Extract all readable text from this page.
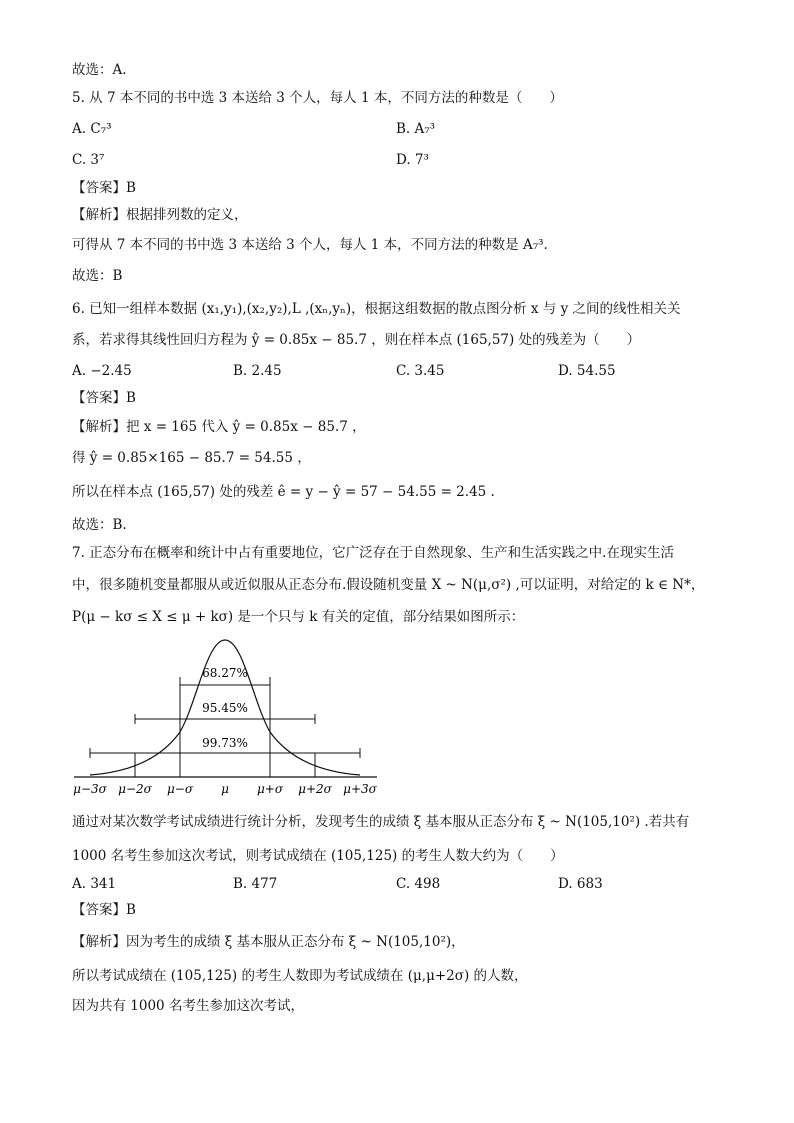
故选：A.
5. 从 7 本不同的书中选 3 本送给 3 个人，每人 1 本，不同方法的种数是（　　）
A. C₇³	B. A₇³
C. 3⁷	D. 7³
【答案】B
【解析】根据排列数的定义，
可得从 7 本不同的书中选 3 本送给 3 个人，每人 1 本，不同方法的种数是 A₇³.
故选：B
6. 已知一组样本数据 (x₁,y₁),(x₂,y₂),L ,(xₙ,yₙ)，根据这组数据的散点图分析 x 与 y 之间的线性相关关
系，若求得其线性回归方程为 ŷ = 0.85x − 85.7 ，则在样本点 (165,57) 处的残差为（　　）
A. −2.45	B. 2.45	C. 3.45	D. 54.55
【答案】B
【解析】把 x = 165 代入 ŷ = 0.85x − 85.7 ，
得 ŷ = 0.85×165 − 85.7 = 54.55 ，
所以在样本点 (165,57) 处的残差 ê = y − ŷ = 57 − 54.55 = 2.45 .
故选：B.
7. 正态分布在概率和统计中占有重要地位，它广泛存在于自然现象、生产和生活实践之中.在现实生活
中，很多随机变量都服从或近似服从正态分布.假设随机变量 X ~ N(μ,σ²) ,可以证明，对给定的 k ∈ N*，
P(μ − kσ ≤ X ≤ μ + kσ) 是一个只与 k 有关的定值，部分结果如图所示：
68.27%
95.45%
99.73%
μ−3σ μ−2σ μ−σ μ μ+σ μ+2σ μ+3σ
通过对某次数学考试成绩进行统计分析，发现考生的成绩 ξ 基本服从正态分布 ξ ~ N(105,10²) .若共有
1000 名考生参加这次考试，则考试成绩在 (105,125) 的考生人数大约为（　　）
A. 341	B. 477	C. 498	D. 683
【答案】B
【解析】因为考生的成绩 ξ 基本服从正态分布 ξ ~ N(105,10²)，
所以考试成绩在 (105,125) 的考生人数即为考试成绩在 (μ,μ+2σ) 的人数，
因为共有 1000 名考生参加这次考试，
